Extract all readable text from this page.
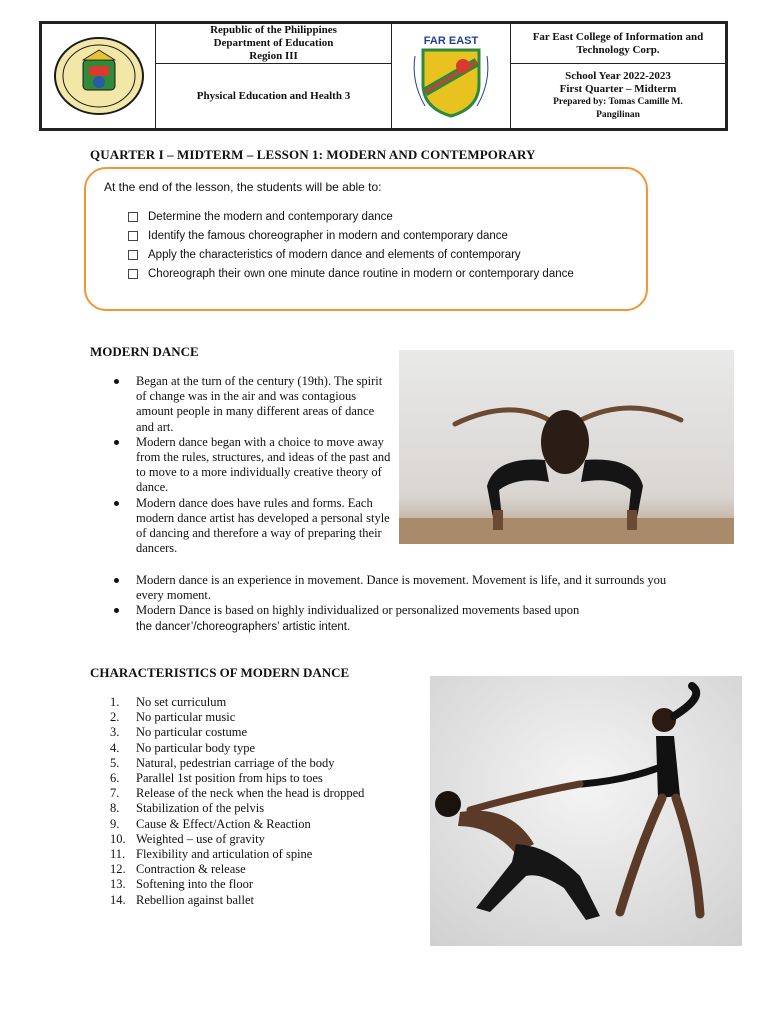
Republic of the Philippines
Department of Education
Region III
Physical Education and Health 3
FAR EAST	Far East College of Information and Technology Corp.
School Year 2022-2023
First Quarter – Midterm
Prepared by: Tomas Camille M. Pangilinan
QUARTER I – MIDTERM – LESSON 1: MODERN AND CONTEMPORARY
At the end of the lesson, the students will be able to:
Determine the modern and contemporary dance
Identify the famous choreographer in modern and contemporary dance
Apply the characteristics of modern dance and elements of contemporary
Choreograph their own one minute dance routine in modern or contemporary dance
MODERN DANCE
Began at the turn of the century (19th). The spirit of change was in the air and was contagious amount people in many different areas of dance and art.
Modern dance began with a choice to move away from the rules, structures, and ideas of the past and to move to a more individually creative theory of dance.
Modern dance does have rules and forms. Each modern dance artist has developed a personal style of dancing and therefore a way of preparing their dancers.
Modern dance is an experience in movement. Dance is movement. Movement is life, and it surrounds you every moment.
Modern Dance is based on highly individualized or personalized movements based upon
the dancer’/choreographers’ artistic intent.
CHARACTERISTICS OF MODERN DANCE
1.	No set curriculum
2.	No particular music
3.	No particular costume
4.	No particular body type
5.	Natural, pedestrian carriage of the body
6.	Parallel 1st position from hips to toes
7.	Release of the neck when the head is dropped
8.	Stabilization of the pelvis
9.	Cause & Effect/Action & Reaction
10. Weighted – use of gravity
11. Flexibility and articulation of spine
12. Contraction & release
13. Softening into the floor
14. Rebellion against ballet
